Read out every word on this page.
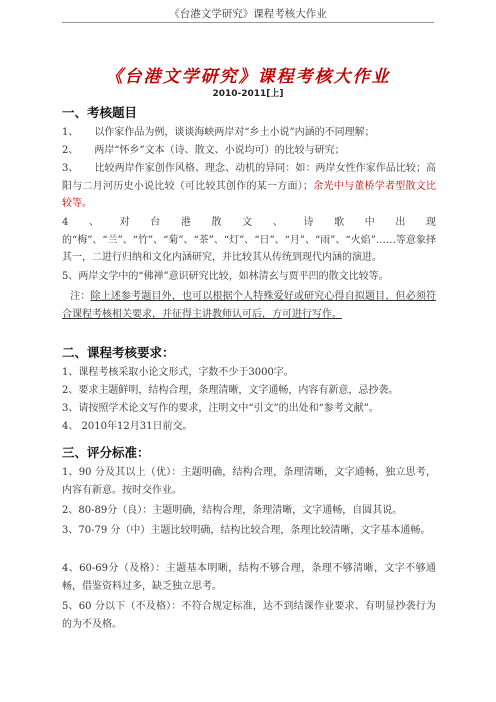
《台港文学研究》课程考核大作业
《台港文学研究》课程考核大作业
2010-2011[上]
一、考核题目
1、 以作家作品为例，谈谈海峡两岸对“乡土小说”内涵的不同理解；
2、 两岸“怀乡”文本（诗、散文、小说均可）的比较与研究；
3、 比较两岸作家创作风格、理念、动机的异同：如：两岸女性作家作品比较；高阳与二月河历史小说比较（可比较其创作的某一方面）；余光中与董桥学者型散文比较等。
4、对台港散文、诗歌中出现的“梅”、“兰”、“竹”、“菊”、“茶”、“灯”、“日”、“月”、“雨”、“火焰”……等意象择其一，二进行归纳和文化内涵研究，并比较其从传统到现代内涵的演进。
5、两岸文学中的“佛禅”意识研究比较，如林清玄与贾平凹的散文比较等。
注：除上述参考题目外，也可以根据个人特殊爱好或研究心得自拟题目，但必须符合课程考核相关要求，并征得主讲教师认可后，方可进行写作。
二、课程考核要求：
1、课程考核采取小论文形式，字数不少于3000字。
2、要求主题鲜明，结构合理，条理清晰，文字通畅，内容有新意，忌抄袭。
3、请按照学术论文写作的要求，注明文中“引文”的出处和“参考文献”。
4、 2010年12月31日前交。
三、评分标准：
1、90 分及其以上（优）：主题明确，结构合理，条理清晰，文字通畅，独立思考，内容有新意。按时交作业。
2、80-89分（良）：主题明确，结构合理，条理清晰，文字通畅，自圆其说。
3、70-79 分（中）主题比较明确，结构比较合理，条理比较清晰，文字基本通畅。
4、60-69分（及格）：主题基本明晰，结构不够合理，条理不够清晰，文字不够通畅，借鉴资料过多，缺乏独立思考。
5、60 分以下（不及格）：不符合规定标准，达不到结课作业要求、有明显抄袭行为的为不及格。
